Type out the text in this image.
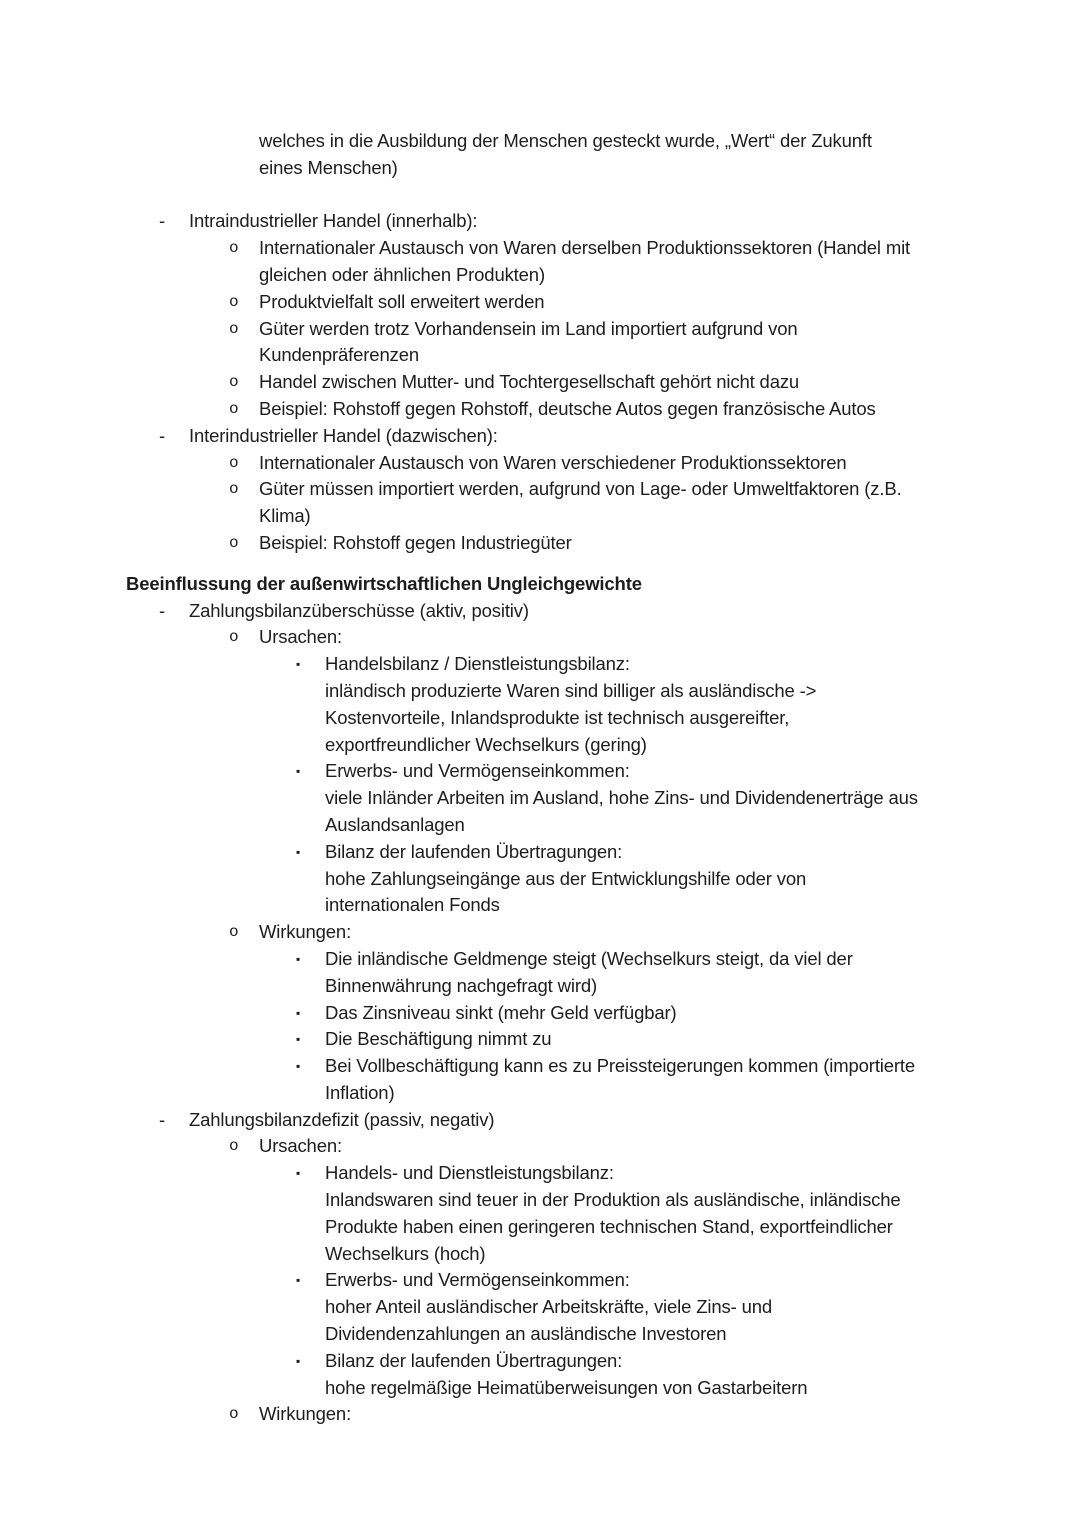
welches in die Ausbildung der Menschen gesteckt wurde, „Wert“ der Zukunft
eines Menschen)
- Intraindustrieller Handel (innerhalb):
o Internationaler Austausch von Waren derselben Produktionssektoren (Handel mit
gleichen oder ähnlichen Produkten)
o Produktvielfalt soll erweitert werden
o Güter werden trotz Vorhandensein im Land importiert aufgrund von
Kundenpräferenzen
o Handel zwischen Mutter- und Tochtergesellschaft gehört nicht dazu
o Beispiel: Rohstoff gegen Rohstoff, deutsche Autos gegen französische Autos
- Interindustrieller Handel (dazwischen):
o Internationaler Austausch von Waren verschiedener Produktionssektoren
o Güter müssen importiert werden, aufgrund von Lage- oder Umweltfaktoren (z.B.
Klima)
o Beispiel: Rohstoff gegen Industriegüter
Beeinflussung der außenwirtschaftlichen Ungleichgewichte
- Zahlungsbilanzüberschüsse (aktiv, positiv)
o Ursachen:
▪ Handelsbilanz / Dienstleistungsbilanz:
inländisch produzierte Waren sind billiger als ausländische ->
Kostenvorteile, Inlandsprodukte ist technisch ausgereifter,
exportfreundlicher Wechselkurs (gering)
▪ Erwerbs- und Vermögenseinkommen:
viele Inländer Arbeiten im Ausland, hohe Zins- und Dividendenerträge aus
Auslandsanlagen
▪ Bilanz der laufenden Übertragungen:
hohe Zahlungseingänge aus der Entwicklungshilfe oder von
internationalen Fonds
o Wirkungen:
▪ Die inländische Geldmenge steigt (Wechselkurs steigt, da viel der
Binnenwährung nachgefragt wird)
▪ Das Zinsniveau sinkt (mehr Geld verfügbar)
▪ Die Beschäftigung nimmt zu
▪ Bei Vollbeschäftigung kann es zu Preissteigerungen kommen (importierte
Inflation)
- Zahlungsbilanzdefizit (passiv, negativ)
o Ursachen:
▪ Handels- und Dienstleistungsbilanz:
Inlandswaren sind teuer in der Produktion als ausländische, inländische
Produkte haben einen geringeren technischen Stand, exportfeindlicher
Wechselkurs (hoch)
▪ Erwerbs- und Vermögenseinkommen:
hoher Anteil ausländischer Arbeitskräfte, viele Zins- und
Dividendenzahlungen an ausländische Investoren
▪ Bilanz der laufenden Übertragungen:
hohe regelmäßige Heimatüberweisungen von Gastarbeitern
o Wirkungen:
